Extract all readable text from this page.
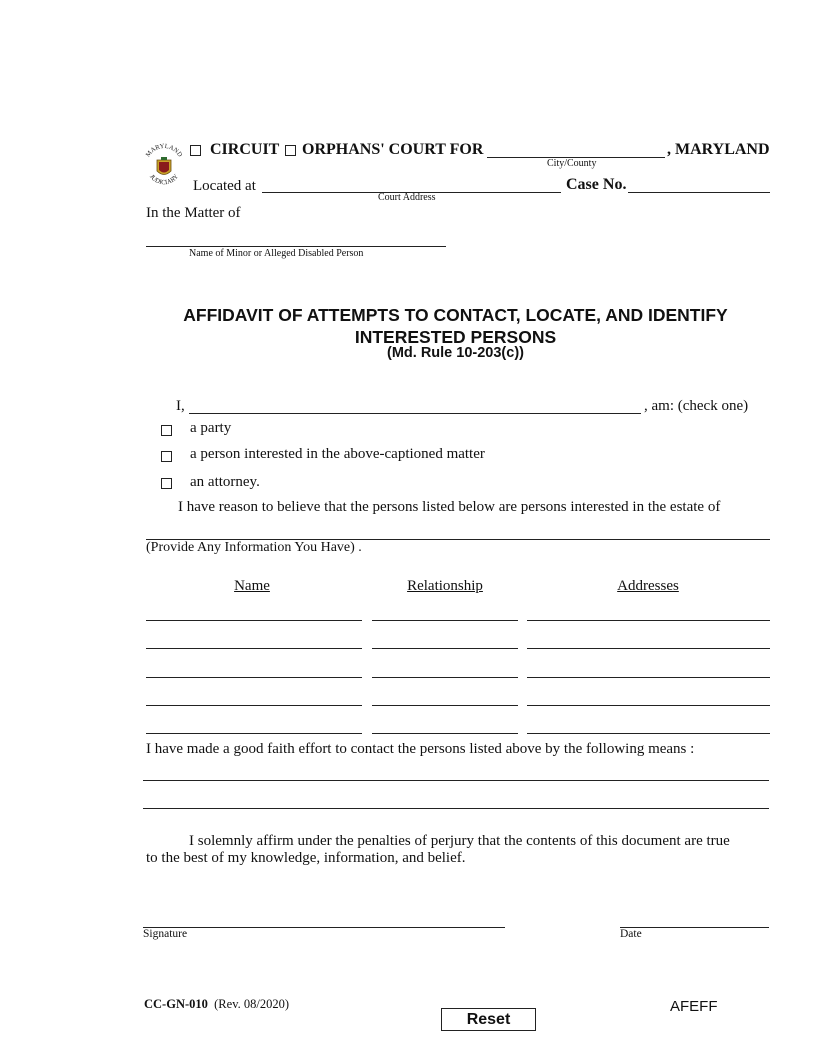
MARYLAND
JUDICIARY
CIRCUIT ORPHANS' COURT FOR
City/County
, MARYLAND
Located at
Court Address
Case No.
In the Matter of
Name of Minor or Alleged Disabled Person
AFFIDAVIT OF ATTEMPTS TO CONTACT, LOCATE, AND IDENTIFY
INTERESTED PERSONS
(Md. Rule 10-203(c))
I,	, am: (check one)
a party
a person interested in the above-captioned matter
an attorney.
I have reason to believe that the persons listed below are persons interested in the estate of
(Provide Any Information You Have) .
Name	Relationship	Addresses
I have made a good faith effort to contact the persons listed above by the following means :
I solemnly affirm under the penalties of perjury that the contents of this document are true
to the best of my knowledge, information, and belief.
Signature	Date
CC-GN-010 (Rev. 08/2020)
Reset
AFEFF
